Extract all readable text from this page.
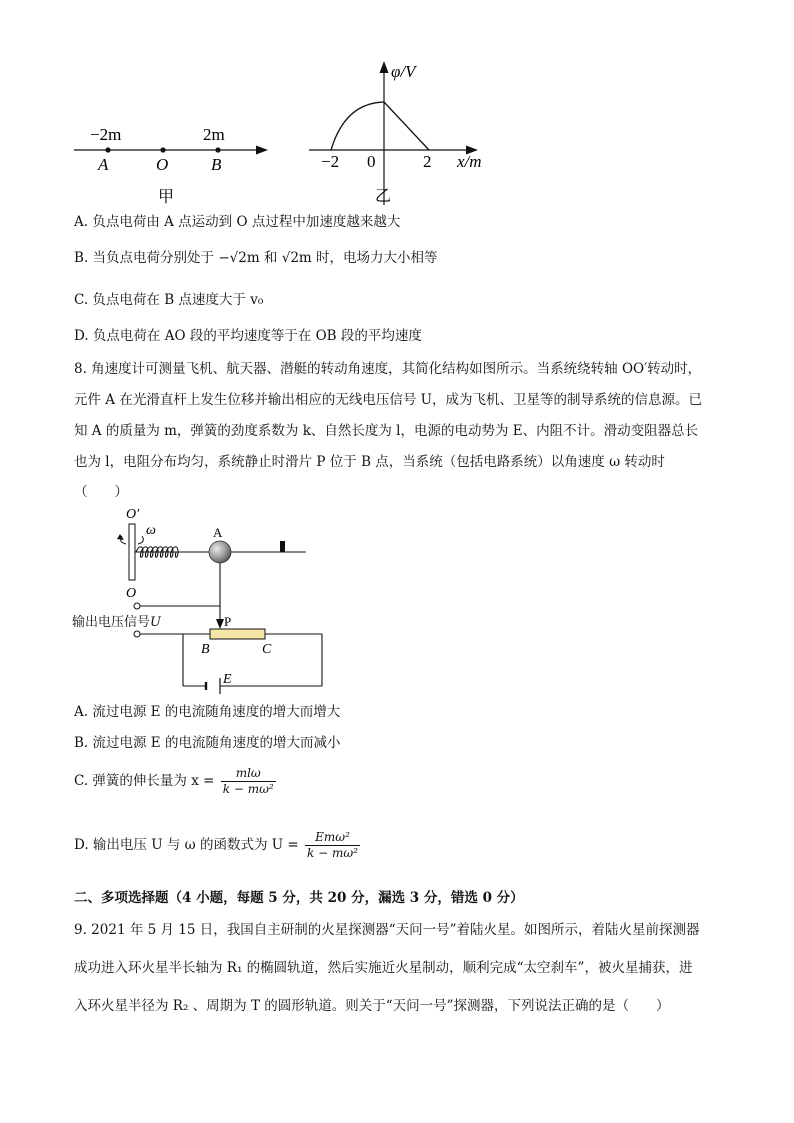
−2m	2m
A	O	B
甲
φ/V
x/m
−2 0	2
乙
A. 负点电荷由 A 点运动到 O 点过程中加速度越来越大
B. 当负点电荷分别处于 −√2m 和 √2m 时，电场力大小相等
C. 负点电荷在 B 点速度大于 v₀
D. 负点电荷在 AO 段的平均速度等于在 OB 段的平均速度
8. 角速度计可测量飞机、航天器、潜艇的转动角速度，其简化结构如图所示。当系统绕转轴 OO′转动时，
元件 A 在光滑直杆上发生位移并输出相应的无线电压信号 U，成为飞机、卫星等的制导系统的信息源。已
知 A 的质量为 m，弹簧的劲度系数为 k、自然长度为 l，电源的电动势为 E、内阻不计。滑动变阻器总长
也为 l，电阻分布均匀，系统静止时滑片 P 位于 B 点，当系统（包括电路系统）以角速度 ω 转动时
（　　）
O′
ω	A
O
P
B	C
E
输出电压信号U
A. 流过电源 E 的电流随角速度的增大而增大
B. 流过电源 E 的电流随角速度的增大而减小
C. 弹簧的伸长量为 $x = \frac{\text{mlω}}{\text{k − mω²}}$
D. 输出电压 U 与 ω 的函数式为 $U = \frac{\text{Emω²}}{\text{k − mω²}}$
二、多项选择题（4 小题，每题 5 分，共 20 分，漏选 3 分，错选 0 分）
9. 2021 年 5 月 15 日，我国自主研制的火星探测器“天问一号”着陆火星。如图所示，着陆火星前探测器
成功进入环火星半长轴为 R₁ 的椭圆轨道，然后实施近火星制动，顺利完成“太空刹车”，被火星捕获，进
入环火星半径为 R₂ 、周期为 T 的圆形轨道。则关于“天问一号”探测器，下列说法正确的是（　　）
